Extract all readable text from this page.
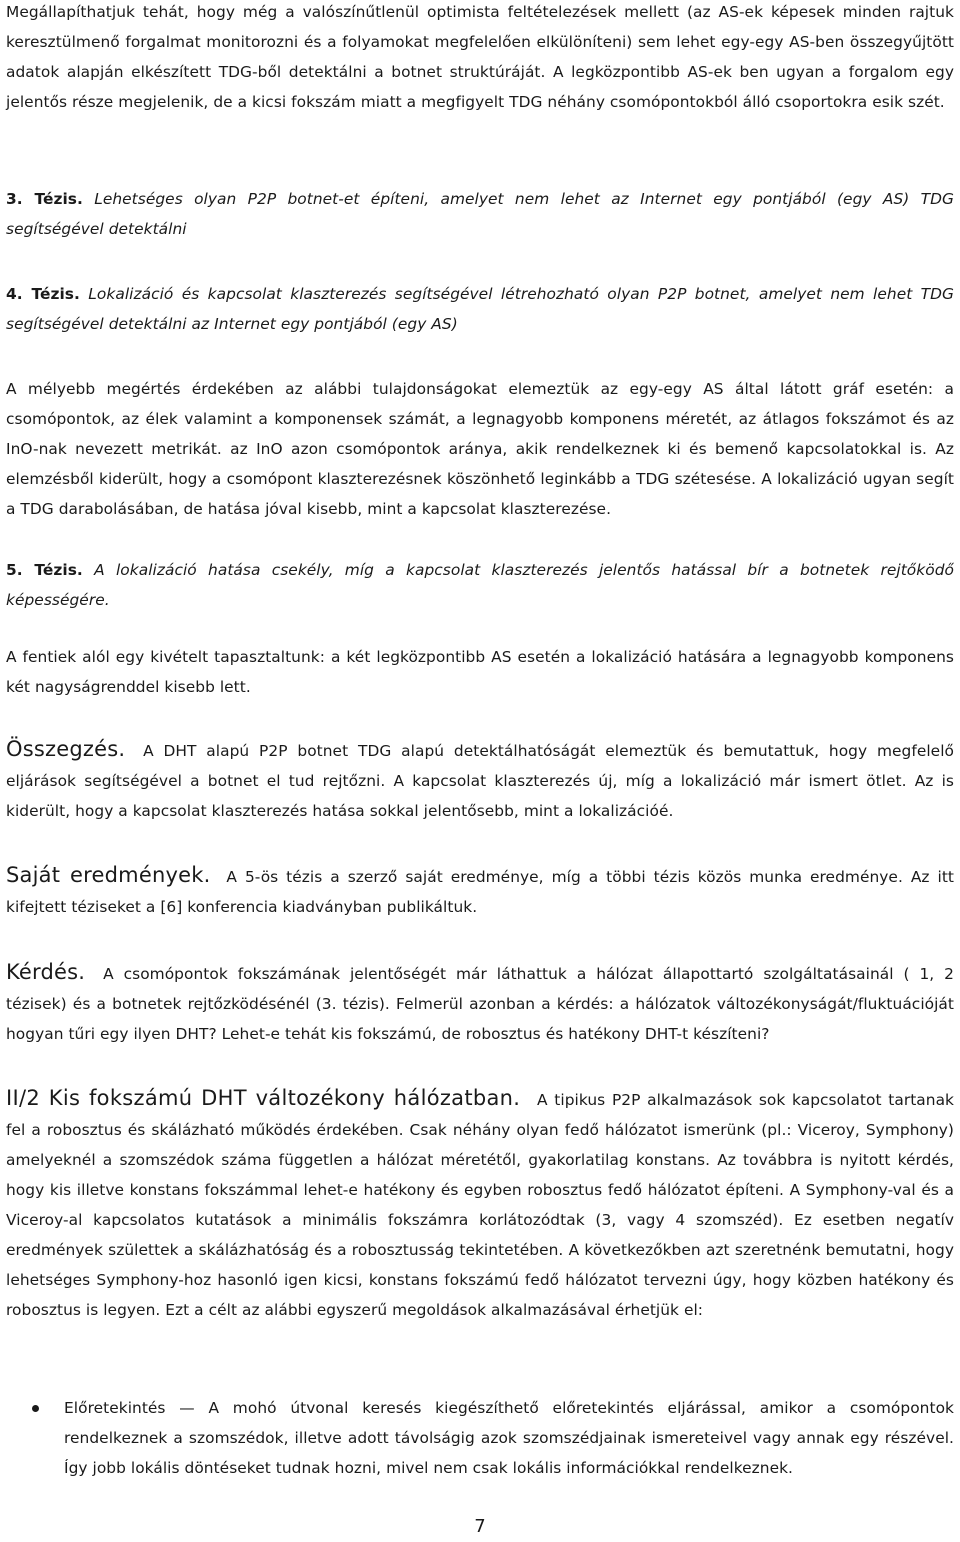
Megállapíthatjuk tehát, hogy még a valószínűtlenül optimista feltételezések mellett (az AS-ek képesek minden rajtuk keresztülmenő forgalmat monitorozni és a folyamokat megfelelően elkülöníteni) sem lehet egy-egy AS-ben összegyűjtött adatok alapján elkészített TDG-ből detektálni a botnet struktúráját. A legközpontibb AS-ek ben ugyan a forgalom egy jelentős része megjelenik, de a kicsi fokszám miatt a megfigyelt TDG néhány csomópontokból álló csoportokra esik szét.

3. Tézis. Lehetséges olyan P2P botnet-et építeni, amelyet nem lehet az Internet egy pontjából (egy AS) TDG segítségével detektálni

4. Tézis. Lokalizáció és kapcsolat klaszterezés segítségével létrehozható olyan P2P botnet, amelyet nem lehet TDG segítségével detektálni az Internet egy pontjából (egy AS)

A mélyebb megértés érdekében az alábbi tulajdonságokat elemeztük az egy-egy AS által látott gráf esetén: a csomópontok, az élek valamint a komponensek számát, a legnagyobb komponens méretét, az átlagos fokszámot és az InO-nak nevezett metrikát. az InO azon csomópontok aránya, akik rendelkeznek ki és bemenő kapcsolatokkal is. Az elemzésből kiderült, hogy a csomópont klaszterezésnek köszönhető leginkább a TDG szétesése. A lokalizáció ugyan segít a TDG darabolásában, de hatása jóval kisebb, mint a kapcsolat klaszterezése.

5. Tézis. A lokalizáció hatása csekély, míg a kapcsolat klaszterezés jelentős hatással bír a botnetek rejtőködő képességére.

A fentiek alól egy kivételt tapasztaltunk: a két legközpontibb AS esetén a lokalizáció hatására a legnagyobb komponens két nagyságrenddel kisebb lett.

Összegzés. A DHT alapú P2P botnet TDG alapú detektálhatóságát elemeztük és bemutattuk, hogy megfelelő eljárások segítségével a botnet el tud rejtőzni. A kapcsolat klaszterezés új, míg a lokalizáció már ismert ötlet. Az is kiderült, hogy a kapcsolat klaszterezés hatása sokkal jelentősebb, mint a lokalizációé.

Saját eredmények. A 5-ös tézis a szerző saját eredménye, míg a többi tézis közös munka eredménye. Az itt kifejtett téziseket a [6] konferencia kiadványban publikáltuk.

Kérdés. A csomópontok fokszámának jelentőségét már láthattuk a hálózat állapottartó szolgáltatásainál ( 1, 2 tézisek) és a botnetek rejtőzködésénél (3. tézis). Felmerül azonban a kérdés: a hálózatok változékonyságát/fluktuációját hogyan tűri egy ilyen DHT? Lehet-e tehát kis fokszámú, de robosztus és hatékony DHT-t készíteni?

II/2 Kis fokszámú DHT változékony hálózatban. A tipikus P2P alkalmazások sok kapcsolatot tartanak fel a robosztus és skálázható működés érdekében. Csak néhány olyan fedő hálózatot ismerünk (pl.: Viceroy, Symphony) amelyeknél a szomszédok száma független a hálózat méretétől, gyakorlatilag konstans. Az továbbra is nyitott kérdés, hogy kis illetve konstans fokszámmal lehet-e hatékony és egyben robosztus fedő hálózatot építeni. A Symphony-val és a Viceroy-al kapcsolatos kutatások a minimális fokszámra korlátozódtak (3, vagy 4 szomszéd). Ez esetben negatív eredmények születtek a skálázhatóság és a robosztusság tekintetében. A következőkben azt szeretnénk bemutatni, hogy lehetséges Symphony-hoz hasonló igen kicsi, konstans fokszámú fedő hálózatot tervezni úgy, hogy közben hatékony és robosztus is legyen. Ezt a célt az alábbi egyszerű megoldások alkalmazásával érhetjük el:

Előretekintés — A mohó útvonal keresés kiegészíthető előretekintés eljárással, amikor a csomópontok rendelkeznek a szomszédok, illetve adott távolságig azok szomszédjainak ismereteivel vagy annak egy részével. Így jobb lokális döntéseket tudnak hozni, mivel nem csak lokális információkkal rendelkeznek.

7
